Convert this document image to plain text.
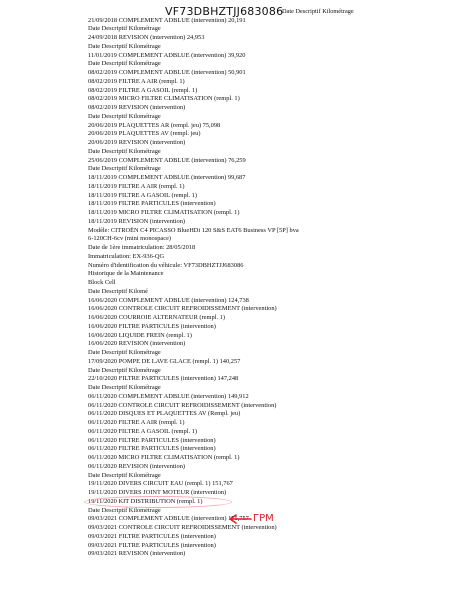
VF73DBHZTJJ683086
Date Descriptif Kilométrage
21/09/2018 COMPLEMENT ADBLUE (intervention) 20,191
Date Descriptif Kilométrage
24/09/2018 REVISION (intervention) 24,953
Date Descriptif Kilométrage
11/01/2019 COMPLEMENT ADBLUE (intervention) 39,920
Date Descriptif Kilométrage
08/02/2019 COMPLEMENT ADBLUE (intervention) 50,901
08/02/2019 FILTRE A AIR (rempl. 1)
08/02/2019 FILTRE A GASOIL (rempl. 1)
08/02/2019 MICRO FILTRE CLIMATISATION (rempl. 1)
08/02/2019 REVISION (intervention)
Date Descriptif Kilométrage
20/06/2019 PLAQUETTES AR (rempl. jeu) 75,098
20/06/2019 PLAQUETTES AV (rempl. jeu)
20/06/2019 REVISION (intervention)
Date Descriptif Kilométrage
25/06/2019 COMPLEMENT ADBLUE (intervention) 76,259
Date Descriptif Kilométrage
18/11/2019 COMPLEMENT ADBLUE (intervention) 99,687
18/11/2019 FILTRE A AIR (rempl. 1)
18/11/2019 FILTRE A GASOIL (rempl. 1)
18/11/2019 FILTRE PARTICULES (intervention)
18/11/2019 MICRO FILTRE CLIMATISATION (rempl. 1)
18/11/2019 REVISION (intervention)
Modèle: CITROËN C4 PICASSO BlueHDi 120 S&S EAT6 Business VP [5P] bva
6-120CH-6cv (mini monospace)
Date de 1ère immatriculation: 28/05/2018
Immatriculation: EX-936-QG
Numéro d'identification du véhicule: VF73DBHZTJJ683086
Historique de la Maintenance
Block Cell
Date Descriptif Kilomé
16/06/2020 COMPLEMENT ADBLUE (intervention) 124,738
16/06/2020 CONTROLE CIRCUIT REFROIDISSEMENT (intervention)
16/06/2020 COURROIE ALTERNATEUR (rempl. 1)
16/06/2020 FILTRE PARTICULES (intervention)
16/06/2020 LIQUIDE FREIN (rempl. 1)
16/06/2020 REVISION (intervention)
Date Descriptif Kilométrage
17/09/2020 POMPE DE LAVE GLACE (rempl. 1) 140,257
Date Descriptif Kilométrage
22/10/2020 FILTRE PARTICULES (intervention) 147,248
Date Descriptif Kilométrage
06/11/2020 COMPLEMENT ADBLUE (intervention) 149,912
06/11/2020 CONTROLE CIRCUIT REFROIDISSEMENT (intervention)
06/11/2020 DISQUES ET PLAQUETTES AV (Rempl. jeu)
06/11/2020 FILTRE A AIR (rempl. 1)
06/11/2020 FILTRE A GASOIL (rempl. 1)
06/11/2020 FILTRE PARTICULES (intervention)
06/11/2020 FILTRE PARTICULES (intervention)
06/11/2020 MICRO FILTRE CLIMATISATION (rempl. 1)
06/11/2020 REVISION (intervention)
Date Descriptif Kilométrage
19/11/2020 DIVERS CIRCUIT EAU (rempl. 1) 151,767
19/11/2020 DIVERS JOINT MOTEUR (intervention)
19/11/2020 KIT DISTRIBUTION (rempl. 1)
Date Descriptif Kilométrage
09/03/2021 COMPLEMENT ADBLUE (intervention) 175,757
09/03/2021 CONTROLE CIRCUIT REFROIDISSEMENT (intervention)
09/03/2021 FILTRE PARTICULES (intervention)
09/03/2021 FILTRE PARTICULES (intervention)
09/03/2021 REVISION (intervention)
ГРМ
